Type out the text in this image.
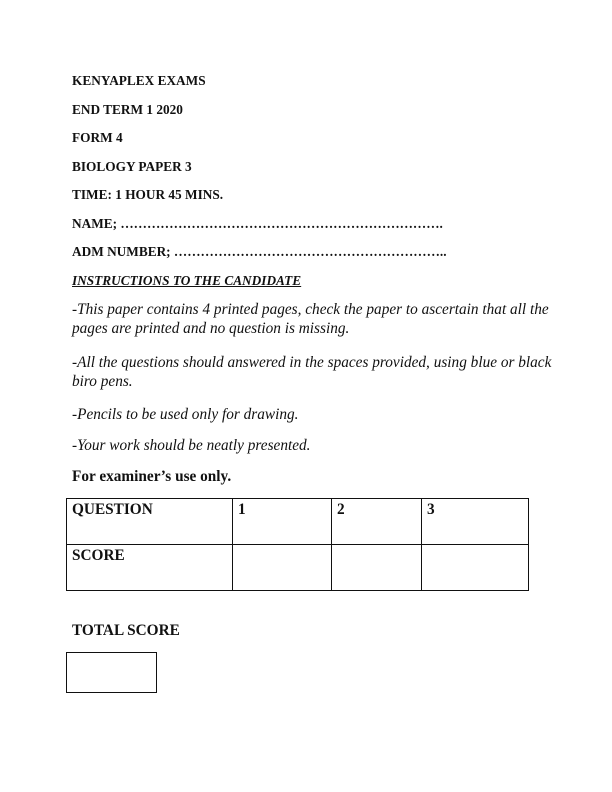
KENYAPLEX EXAMS
END TERM 1 2020
FORM 4
BIOLOGY PAPER 3
TIME: 1 HOUR 45 MINS.
NAME; ……………………………………………………………….
ADM NUMBER; ……………………………………………………..
INSTRUCTIONS TO THE CANDIDATE
-This paper contains 4 printed pages, check the paper to ascertain that all the pages are printed and no question is missing.
-All the questions should answered in the spaces provided, using blue or black biro pens.
-Pencils to be used only for drawing.
-Your work should be neatly presented.
For examiner’s use only.
QUESTION	1	2	3
SCORE			
TOTAL SCORE
